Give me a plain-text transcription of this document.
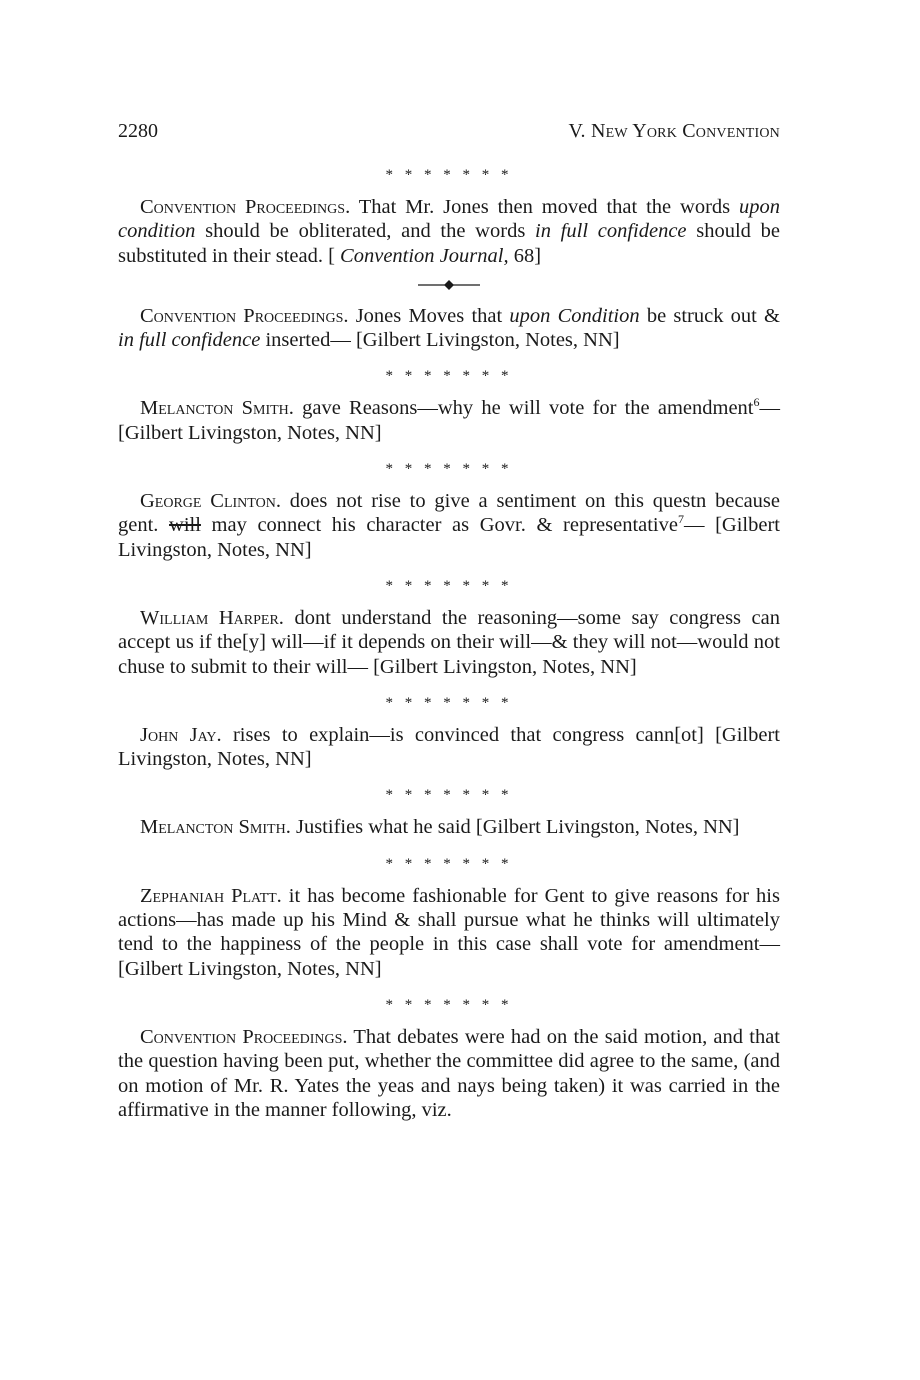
2280	V. New York Convention
* * * * * * *

Convention Proceedings. That Mr. Jones then moved that the words upon condition should be obliterated, and the words in full confidence should be substituted in their stead. [ Convention Journal, 68]

Convention Proceedings. Jones Moves that upon Condition be struck out & in full confidence inserted— [Gilbert Livingston, Notes, NN]

* * * * * * *

Melancton Smith. gave Reasons—why he will vote for the amendment$^6$— [Gilbert Livingston, Notes, NN]

* * * * * * *

George Clinton. does not rise to give a sentiment on this questn because gent. will may connect his character as Govr. & representative$^7$— [Gilbert Livingston, Notes, NN]

* * * * * * *

William Harper. dont understand the reasoning—some say congress can accept us if the[y] will—if it depends on their will—& they will not—would not chuse to submit to their will— [Gilbert Livingston, Notes, NN]

* * * * * * *

John Jay. rises to explain—is convinced that congress cann[ot] [Gilbert Livingston, Notes, NN]

* * * * * * *

Melancton Smith. Justifies what he said [Gilbert Livingston, Notes, NN]

* * * * * * *

Zephaniah Platt. it has become fashionable for Gent to give reasons for his actions—has made up his Mind & shall pursue what he thinks will ultimately tend to the happiness of the people in this case shall vote for amendment— [Gilbert Livingston, Notes, NN]

* * * * * * *

Convention Proceedings. That debates were had on the said motion, and that the question having been put, whether the committee did agree to the same, (and on motion of Mr. R. Yates the yeas and nays being taken) it was carried in the affirmative in the manner following, viz.
